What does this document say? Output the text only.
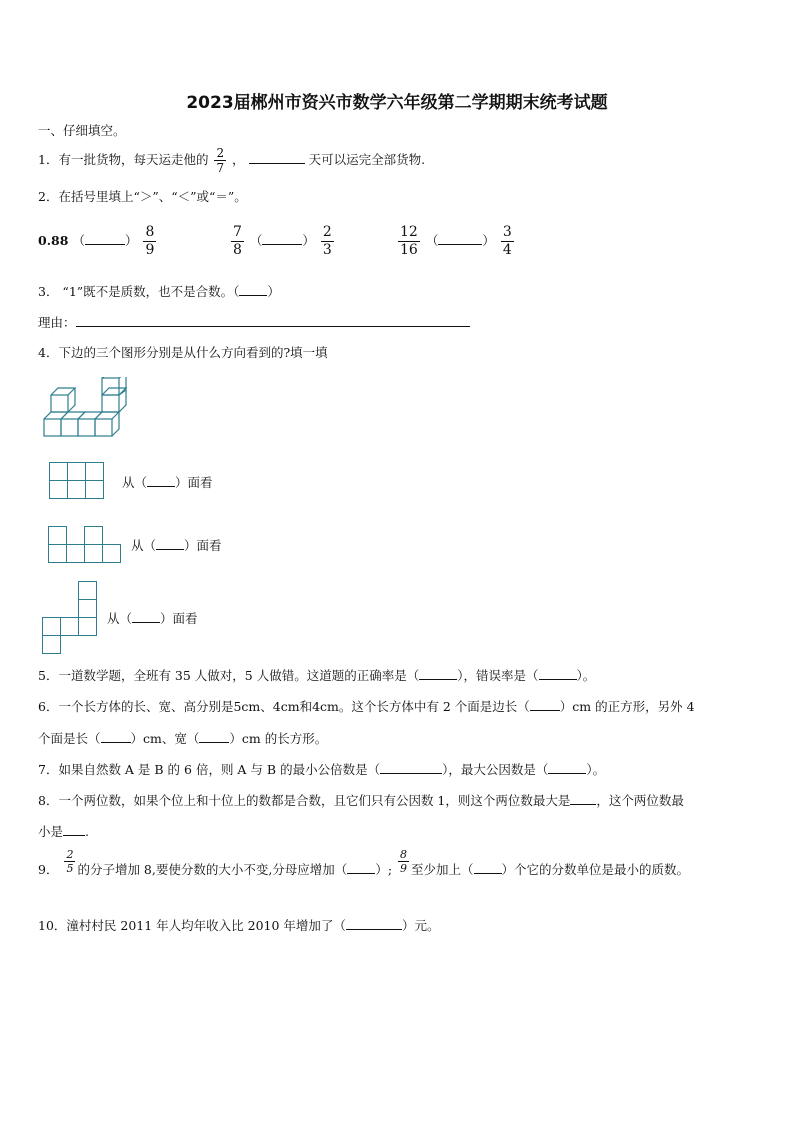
2023届郴州市资兴市数学六年级第二学期期末统考试题
一、仔细填空。
1．有一批货物，每天运走他的 $\frac{2}{7}$ ，	天可以运完全部货物.
2．在括号里填上“＞”、“＜”或“＝”。
0.88 （	） $\frac{8}{9}$	$\frac{7}{8}$ （	） $\frac{2}{3}$	$\frac{12}{16}$ （	） $\frac{3}{4}$
3． “1”既不是质数，也不是合数。（ ）
理由：
4．下边的三个图形分别是从什么方向看到的?填一填
从（ ）面看
从（ ）面看
从（ ）面看
5．一道数学题，全班有 35 人做对，5 人做错。这道题的正确率是（	），错误率是（	）。
6．一个长方体的长、宽、高分别是5cm、4cm和4cm。这个长方体中有 2 个面是边长（ ）cm 的正方形，另外 4
个面是长（ ）cm、宽（ ）cm 的长方形。
7．如果自然数 A 是 B 的 6 倍，则 A 与 B 的最小公倍数是（	），最大公因数是（	）。
8．一个两位数，如果个位上和十位上的数都是合数，且它们只有公因数 1，则这个两位数最大是 ，这个两位数最
小是 .
9． $\frac{2}{5}$ 的分子增加 8,要使分数的大小不变,分母应增加（ ）; $\frac{8}{9}$ 至少加上（ ）个它的分数单位是最小的质数。
10．潼村村民 2011 年人均年收入比 2010 年增加了（	）元。
